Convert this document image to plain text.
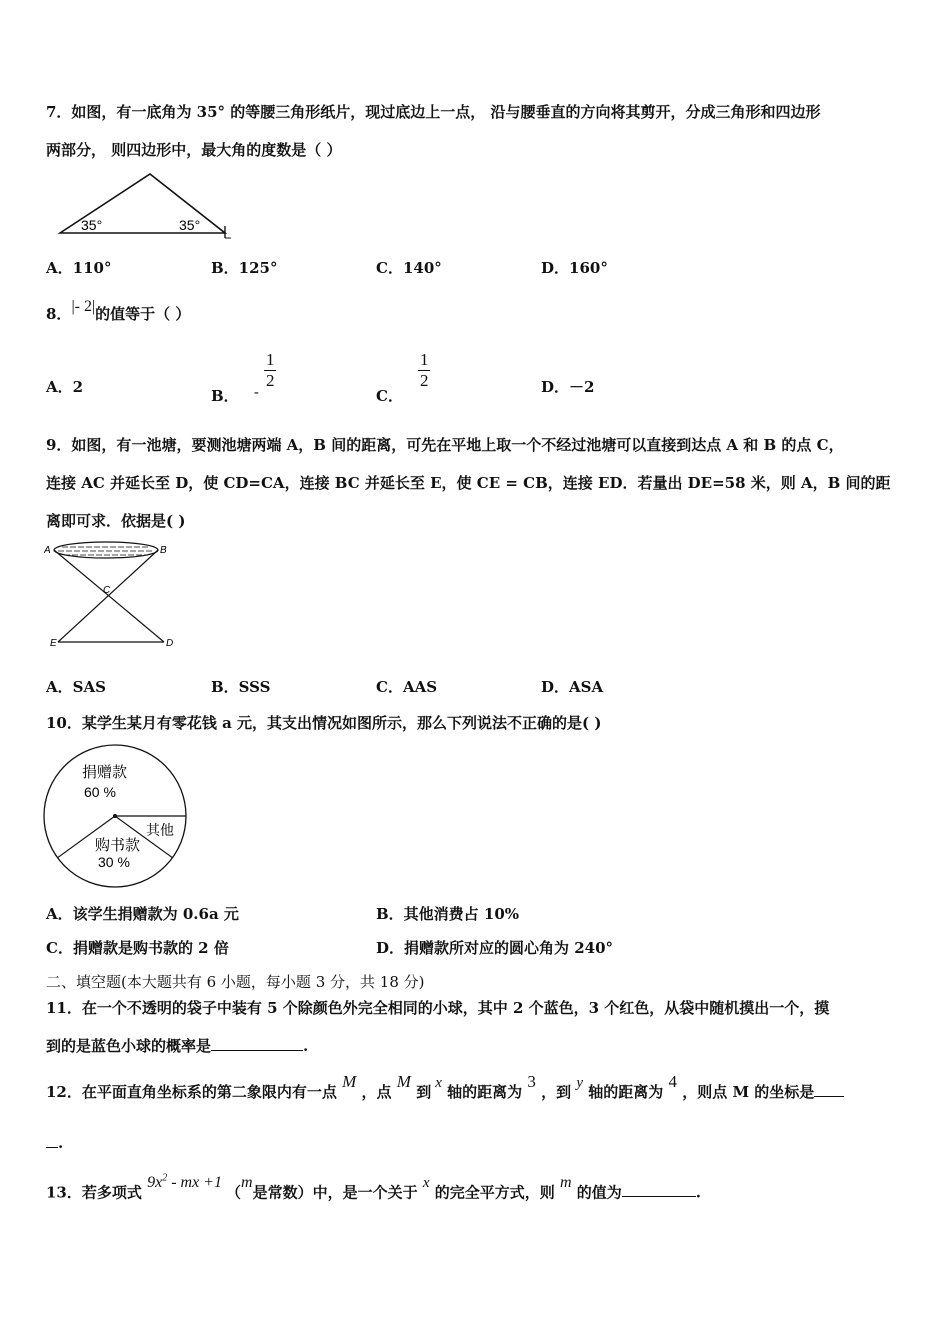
7．如图，有一底角为 35° 的等腰三角形纸片，现过底边上一点， 沿与腰垂直的方向将其剪开，分成三角形和四边形
两部分， 则四边形中，最大角的度数是（ ）
35°	35°
A．110°	B．125°	C．140°	D．160°
8．|- 2|的值等于（ ）
A．2	B． -
$\frac{1}{2}$
C．
$\frac{1}{2}$	D．－2
9．如图，有一池塘，要测池塘两端 A，B 间的距离，可先在平地上取一个不经过池塘可以直接到达点 A 和 B 的点 C，
连接 AC 并延长至 D，使 CD=CA，连接 BC 并延长至 E，使 CE = CB，连接 ED．若量出 DE=58 米，则 A，B 间的距
离即可求．依据是( )
A	B
C
E	D
A．SAS	B．SSS	C．AAS	D．ASA
10．某学生某月有零花钱 a 元，其支出情况如图所示，那么下列说法不正确的是( )
捐赠款
60 %
其他
购书款
30 %
A．该学生捐赠款为 0.6a 元	B．其他消费占 10%
C．捐赠款是购书款的 2 倍	D．捐赠款所对应的圆心角为 240°
二、填空题(本大题共有 6 小题，每小题 3 分，共 18 分)
11．在一个不透明的袋子中装有 5 个除颜色外完全相同的小球，其中 2 个蓝色，3 个红色，从袋中随机摸出一个，摸
到的是蓝色小球的概率是	.
12．在平面直角坐标系的第二象限内有一点 M ，点 M 到 x 轴的距离为 3 ，到 y 轴的距离为 4 ，则点 M 的坐标是
.
13．若多项式 $9x^2$ - mx +1 （m是常数）中，是一个关于 x 的完全平方式，则 m 的值为	.
